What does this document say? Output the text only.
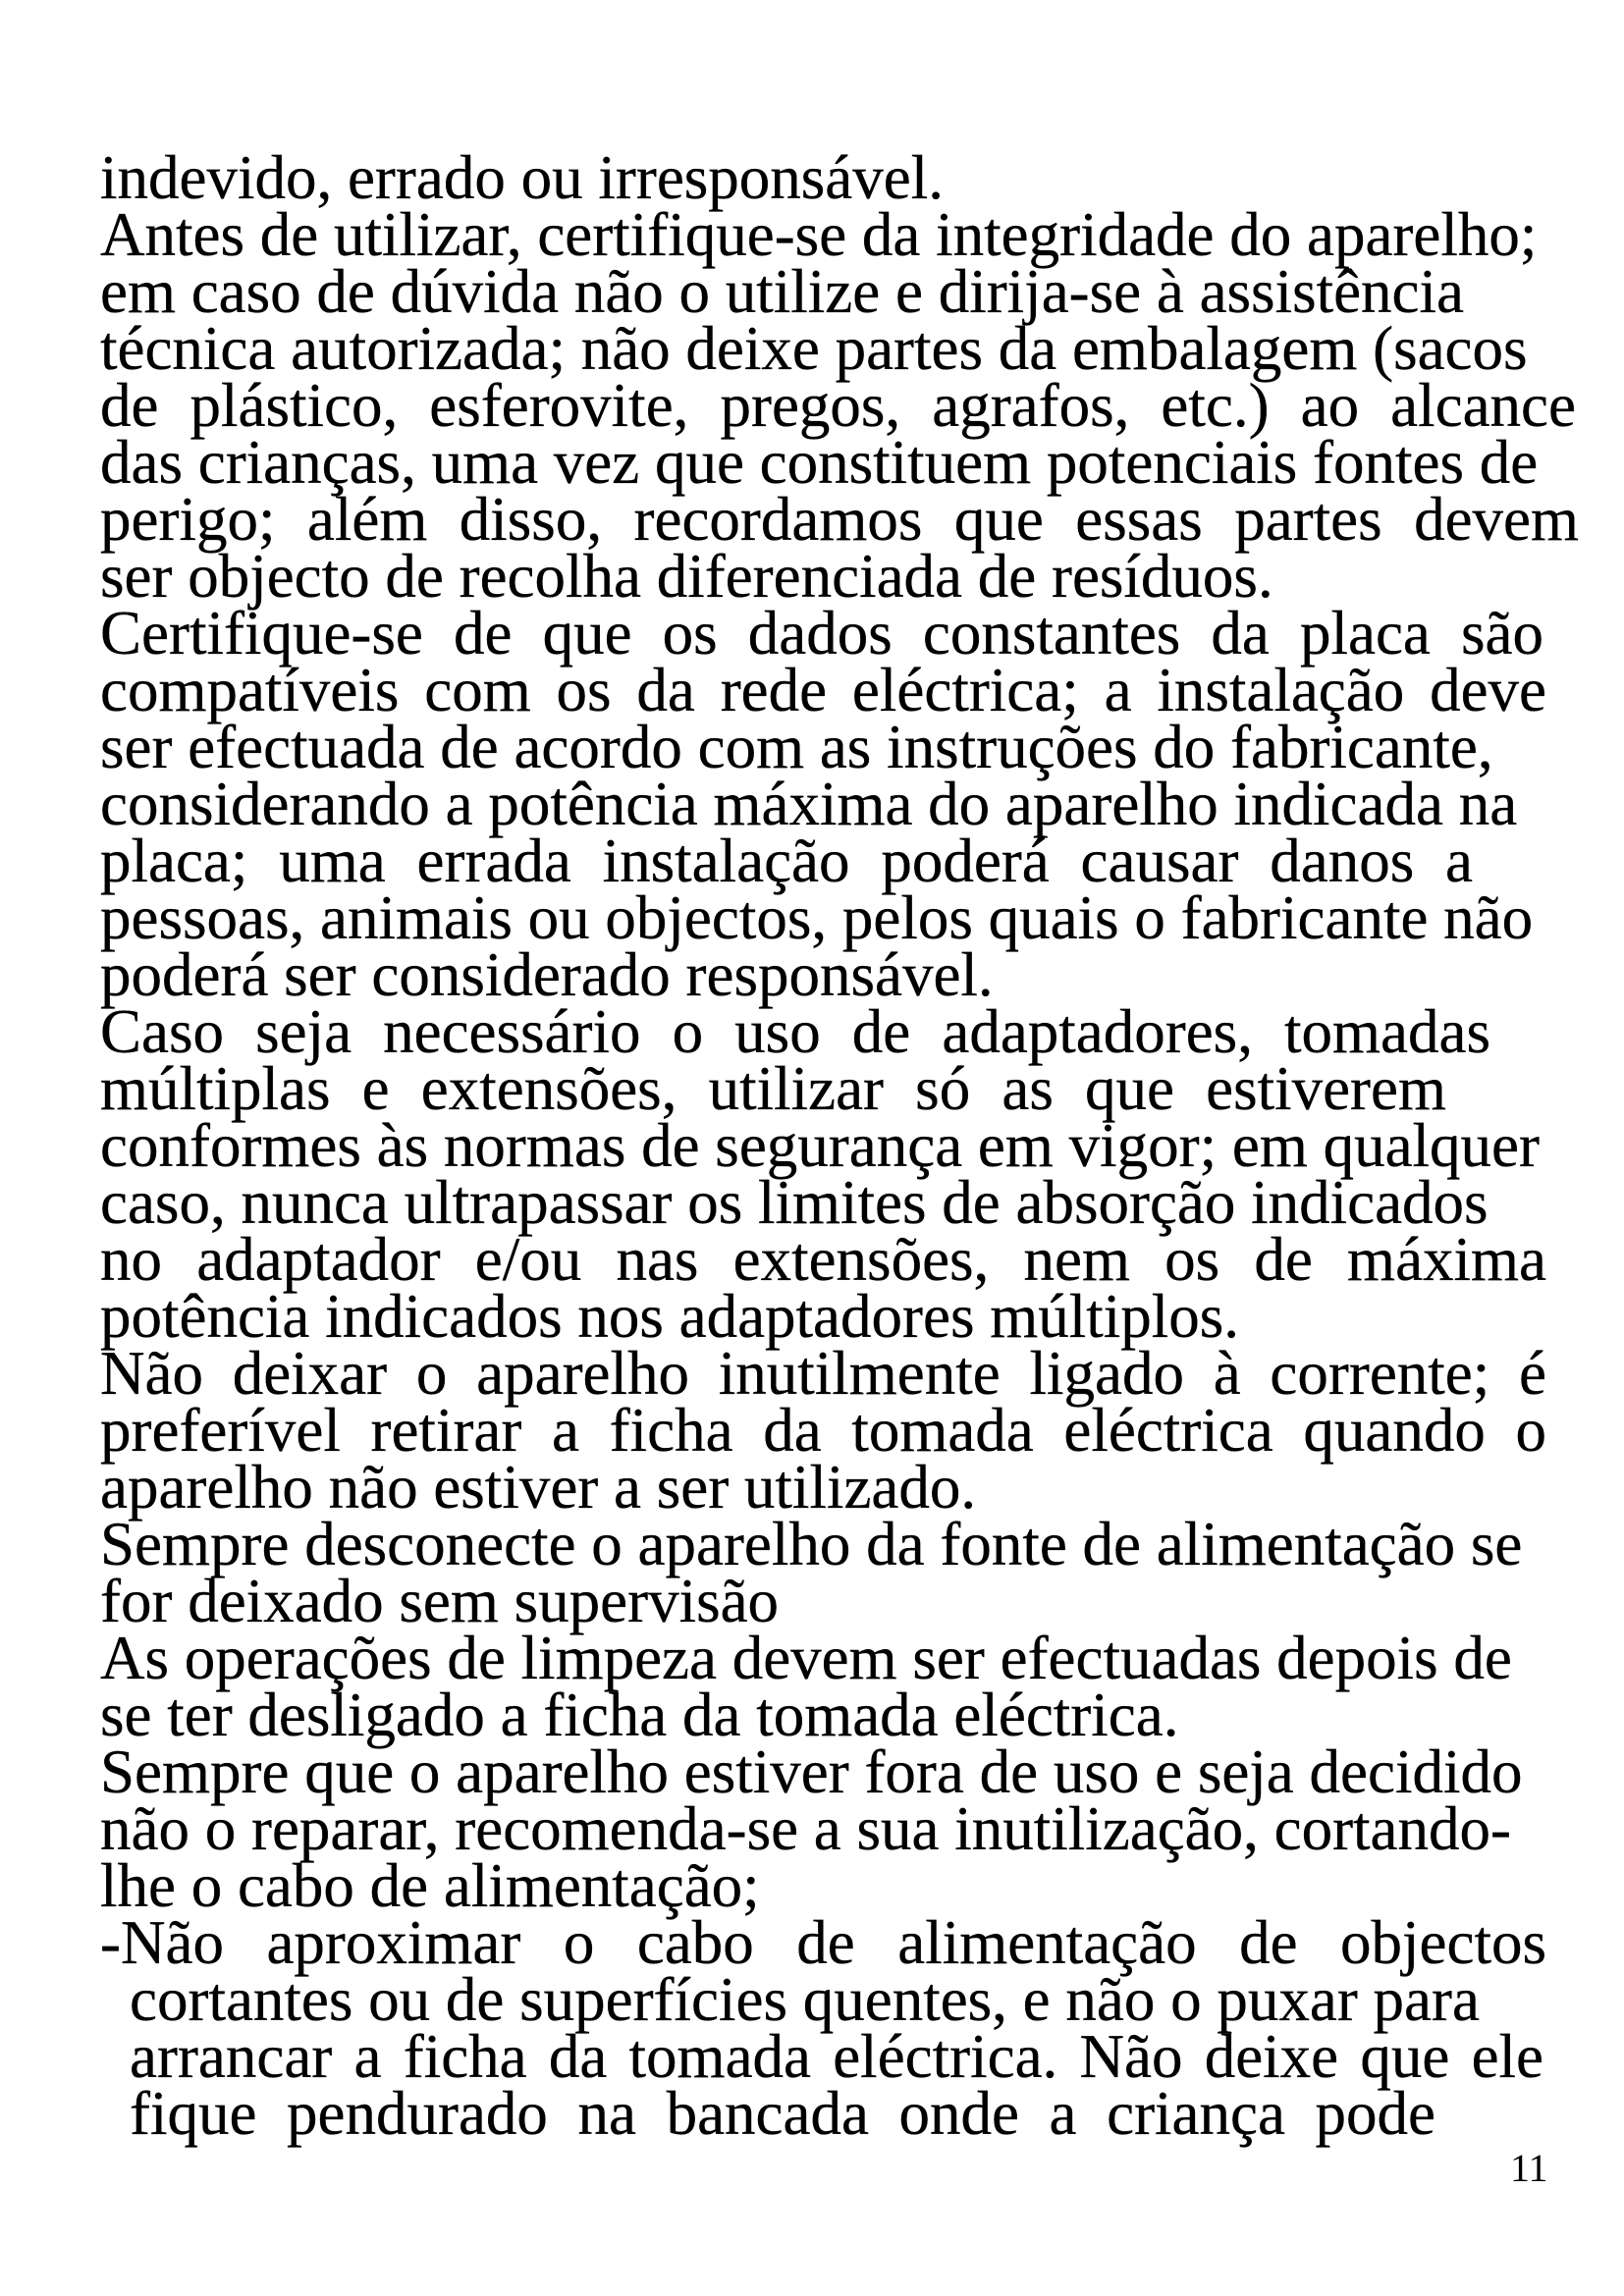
indevido, errado ou irresponsável.
Antes de utilizar, certifique-se da integridade do aparelho;
em caso de dúvida não o utilize e dirija-se à assistência
técnica autorizada; não deixe partes da embalagem (sacos
de plástico, esferovite, pregos, agrafos, etc.) ao alcance
das crianças, uma vez que constituem potenciais fontes de
perigo; além disso, recordamos que essas partes devem
ser objecto de recolha diferenciada de resíduos.
Certifique-se de que os dados constantes da placa são
compatíveis com os da rede eléctrica; a instalação deve
ser efectuada de acordo com as instruções do fabricante,
considerando a potência máxima do aparelho indicada na
placa; uma errada instalação poderá causar danos a
pessoas, animais ou objectos, pelos quais o fabricante não
poderá ser considerado responsável.
Caso seja necessário o uso de adaptadores, tomadas
múltiplas e extensões, utilizar só as que estiverem
conformes às normas de segurança em vigor; em qualquer
caso, nunca ultrapassar os limites de absorção indicados
no adaptador e/ou nas extensões, nem os de máxima
potência indicados nos adaptadores múltiplos.
Não deixar o aparelho inutilmente ligado à corrente; é
preferível retirar a ficha da tomada eléctrica quando o
aparelho não estiver a ser utilizado.
Sempre desconecte o aparelho da fonte de alimentação se
for deixado sem supervisão
As operações de limpeza devem ser efectuadas depois de
se ter desligado a ficha da tomada eléctrica.
Sempre que o aparelho estiver fora de uso e seja decidido
não o reparar, recomenda-se a sua inutilização, cortando-
lhe o cabo de alimentação;
-Não aproximar o cabo de alimentação de objectos
cortantes ou de superfícies quentes, e não o puxar para
arrancar a ficha da tomada eléctrica. Não deixe que ele
fique pendurado na bancada onde a criança pode
11
